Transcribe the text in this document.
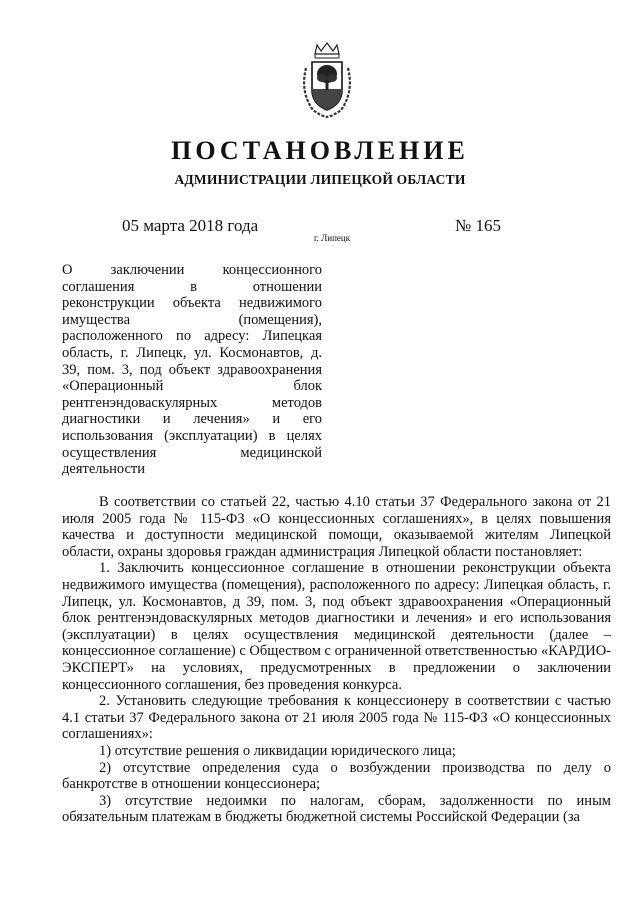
ПОСТАНОВЛЕНИЕ
АДМИНИСТРАЦИИ ЛИПЕЦКОЙ ОБЛАСТИ
05 марта 2018 года
г. Липецк
№ 165
О заключении концессионного
соглашения в отношении
реконструкции объекта недвижимого
имущества (помещения),
расположенного по адресу: Липецкая
область, г. Липецк, ул. Космонавтов, д.
39, пом. 3, под объект здравоохранения
«Операционный блок
рентгенэндоваскулярных методов
диагностики и лечения» и его
использования (эксплуатации) в целях
осуществления медицинской
деятельности

В соответствии со статьей 22, частью 4.10 статьи 37 Федерального закона от 21 июля 2005 года № 115-ФЗ «О концессионных соглашениях», в целях повышения качества и доступности медицинской помощи, оказываемой жителям Липецкой области, охраны здоровья граждан администрация Липецкой области постановляет:

1. Заключить концессионное соглашение в отношении реконструкции объекта недвижимого имущества (помещения), расположенного по адресу: Липецкая область, г. Липецк, ул. Космонавтов, д 39, пом. 3, под объект здравоохранения «Операционный блок рентгенэндоваскулярных методов диагностики и лечения» и его использования (эксплуатации) в целях осуществления медицинской деятельности (далее – концессионное соглашение) с Обществом с ограниченной ответственностью «КАРДИО-ЭКСПЕРТ» на условиях, предусмотренных в предложении о заключении концессионного соглашения, без проведения конкурса.

2. Установить следующие требования к концессионеру в соответствии с частью 4.1 статьи 37 Федерального закона от 21 июля 2005 года № 115-ФЗ «О концессионных соглашениях»:

1) отсутствие решения о ликвидации юридического лица;

2) отсутствие определения суда о возбуждении производства по делу о банкротстве в отношении концессионера;

3) отсутствие недоимки по налогам, сборам, задолженности по иным обязательным платежам в бюджеты бюджетной системы Российской Федерации (за
